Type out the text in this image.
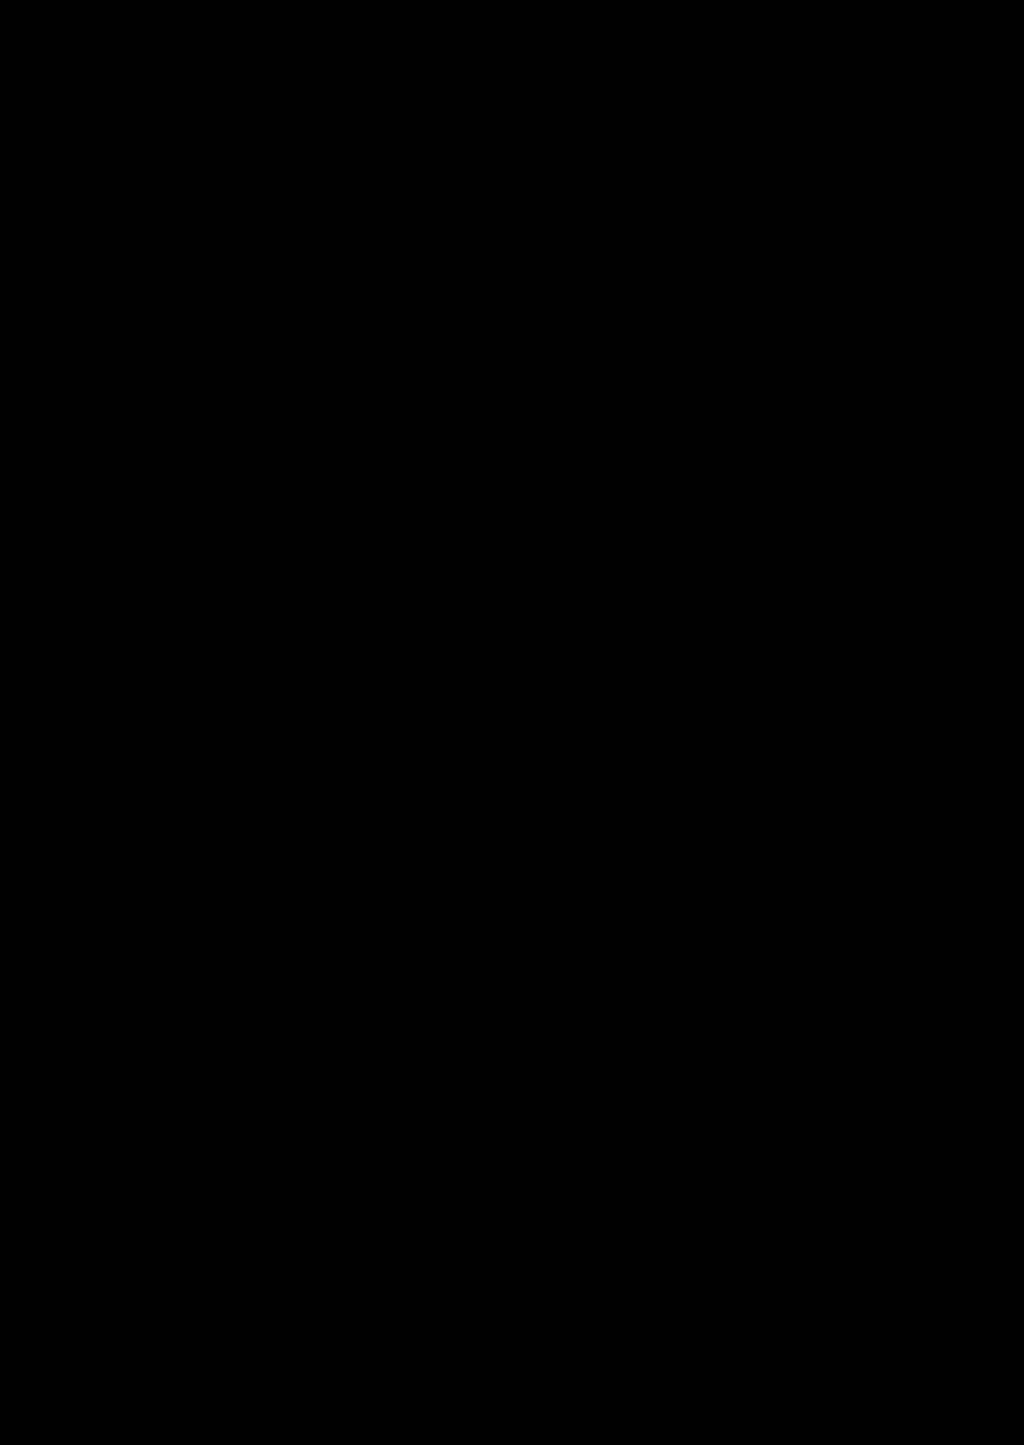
sobre o contexto. Essa categorização quantitativa corrobora nossa definição do papel do Orkut como propiciador de um diálogo centrado na emotividade exigida pela causa combativa da comunidade.

Na rede social Orkut ocorre a predominância da linguagem emotiva, o que indica alto grau de engajamento e manifestação de opiniões por parte dos atores dessa rede. A proposta da mediadora e ativista em cobrir a temática social através do conteúdo veiculado pela telenovela despertou o interesse dos demais atores na rede social, provocando uma participação mais engajada sobre tema apresentado por uma telenovela. Com a publicação de conteúdos mais extensos, pode-se observar o aprofundamento do tema, resultando em percepções educativas e conscientizadoras, que parece ter sido o propósito inicial da usuária criadora do tópico.

Estudo de caso 2 – Comunidade de fãs de Passione no Facebook e temas sociais: uso de drogas, casamento consanguíneo, aborto, abuso sexual, pedofilia

Diante dos milhões de usuários do Facebook no Brasil$^{24}$, e suas inúmeras conversas, o foco da pesquisa dirigiu-se em monitorar e acompanhar os conteúdos gerados através do mapeamento de páginas de perfil ou de grupos que tratavam da telenovela Passione. A metodologia de coleta de dados foi a observação simples e seleção intencional de comentários que abordassem os temas sociais veiculados pela telenovela (amostra intencional por critério). Dados iniciais da rede social sobre o perfil dos usuários favoreceram a pesquisa sobre o tema. A maioria dos fãs que possuíam cadastro no Facebook correspondeu tanto à faixa etária predominante da audiência da telenovela como aos

$^{24}$ A rede social do Facebook registrou mais de 600 milhões de usuários em todo o mundo até março de 2011. Fonte: Internet World Stats. Disponível em: http://www.internetworldstats.com/facebook.htm. Acesso em 20 de maio 2011. Criada em 2004 nos EUA, a rede vem se popularizando no Brasil desde 2009, totalizando 15 milhões de usuários no país, sendo que 77% destes possuem mais de 25 anos. Fonte: The Brazilian Online Audience. Disponível em: http://pt.scribd.com/doc/48623822/Comscore-BOI-Brazil-Webinar-Feb-2011. Acesso em 25 de maio 2011.
270
